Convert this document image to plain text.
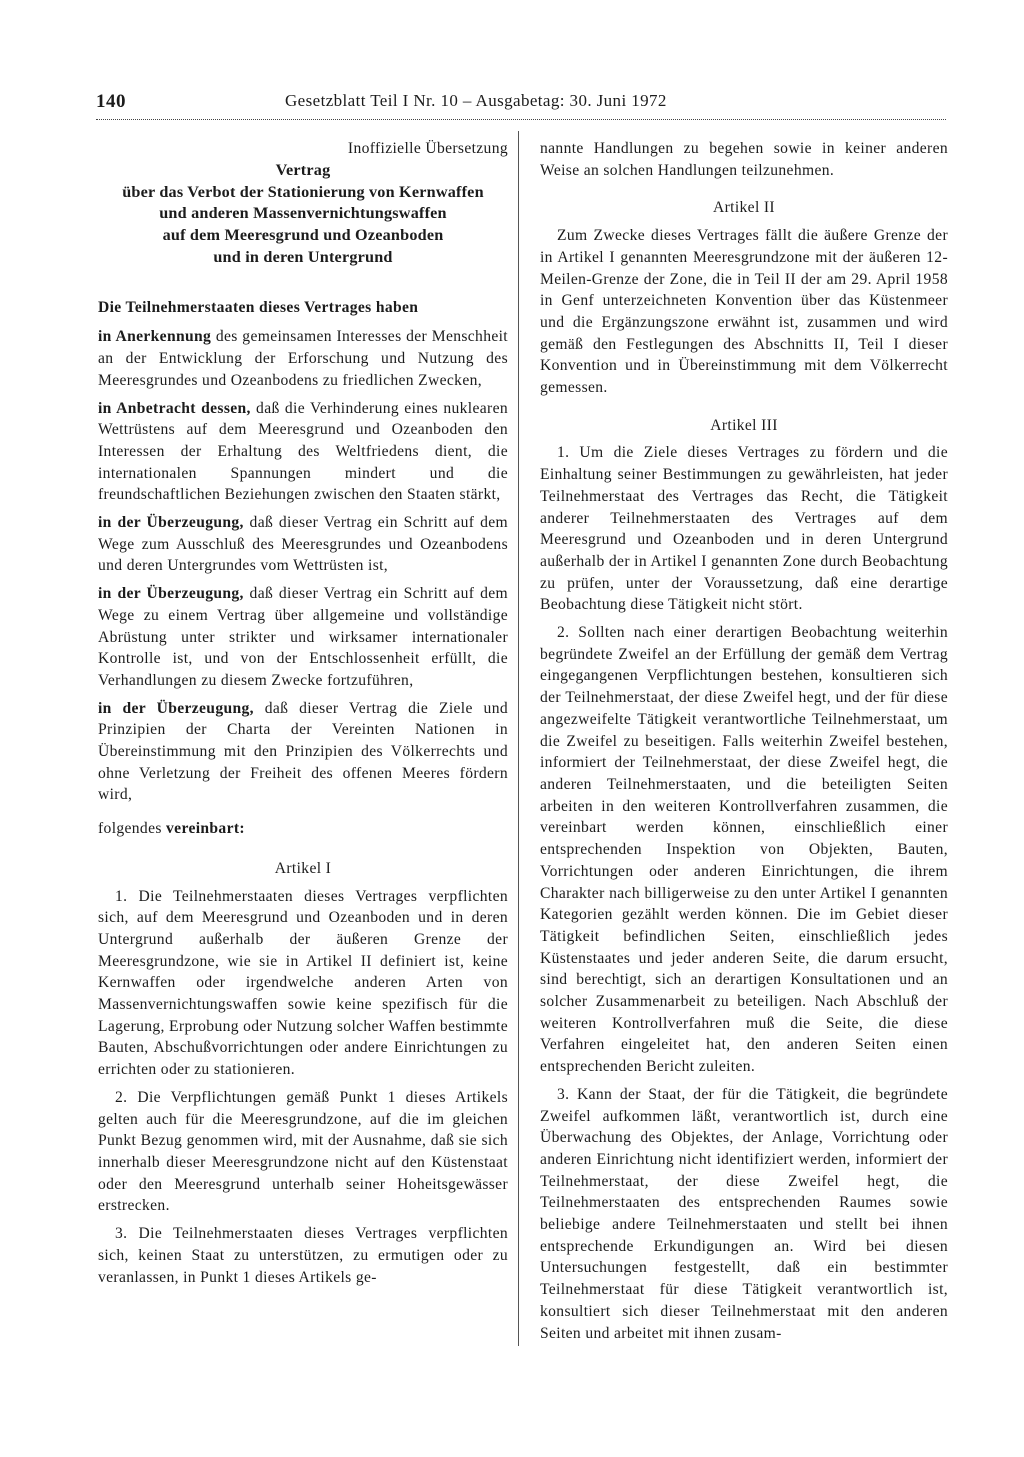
140	Gesetzblatt Teil I Nr. 10 – Ausgabetag: 30. Juni 1972

Inoffizielle Übersetzung

Vertrag
über das Verbot der Stationierung von Kernwaffen
und anderen Massenvernichtungswaffen
auf dem Meeresgrund und Ozeanboden
und in deren Untergrund

Die Teilnehmerstaaten dieses Vertrages haben

in Anerkennung des gemeinsamen Interesses der Menschheit an der Entwicklung der Erforschung und Nutzung des Meeresgrundes und Ozeanbodens zu friedlichen Zwecken,

in Anbetracht dessen, daß die Verhinderung eines nuklearen Wettrüstens auf dem Meeresgrund und Ozeanboden den Interessen der Erhaltung des Weltfriedens dient, die internationalen Spannungen mindert und die freundschaftlichen Beziehungen zwischen den Staaten stärkt,

in der Überzeugung, daß dieser Vertrag ein Schritt auf dem Wege zum Ausschluß des Meeresgrundes und Ozeanbodens und deren Untergrundes vom Wettrüsten ist,

in der Überzeugung, daß dieser Vertrag ein Schritt auf dem Wege zu einem Vertrag über allgemeine und vollständige Abrüstung unter strikter und wirksamer internationaler Kontrolle ist, und von der Entschlossenheit erfüllt, die Verhandlungen zu diesem Zwecke fortzuführen,

in der Überzeugung, daß dieser Vertrag die Ziele und Prinzipien der Charta der Vereinten Nationen in Übereinstimmung mit den Prinzipien des Völkerrechts und ohne Verletzung der Freiheit des offenen Meeres fördern wird,

folgendes vereinbart:

Artikel I

1. Die Teilnehmerstaaten dieses Vertrages verpflichten sich, auf dem Meeresgrund und Ozeanboden und in deren Untergrund außerhalb der äußeren Grenze der Meeresgrundzone, wie sie in Artikel II definiert ist, keine Kernwaffen oder irgendwelche anderen Arten von Massenvernichtungswaffen sowie keine spezifisch für die Lagerung, Erprobung oder Nutzung solcher Waffen bestimmte Bauten, Abschußvorrichtungen oder andere Einrichtungen zu errichten oder zu stationieren.

2. Die Verpflichtungen gemäß Punkt 1 dieses Artikels gelten auch für die Meeresgrundzone, auf die im gleichen Punkt Bezug genommen wird, mit der Ausnahme, daß sie sich innerhalb dieser Meeresgrundzone nicht auf den Küstenstaat oder den Meeresgrund unterhalb seiner Hoheitsgewässer erstrecken.

3. Die Teilnehmerstaaten dieses Vertrages verpflichten sich, keinen Staat zu unterstützen, zu ermutigen oder zu veranlassen, in Punkt 1 dieses Artikels ge-

nannte Handlungen zu begehen sowie in keiner anderen Weise an solchen Handlungen teilzunehmen.

Artikel II

Zum Zwecke dieses Vertrages fällt die äußere Grenze der in Artikel I genannten Meeresgrundzone mit der äußeren 12-Meilen-Grenze der Zone, die in Teil II der am 29. April 1958 in Genf unterzeichneten Konvention über das Küstenmeer und die Ergänzungszone erwähnt ist, zusammen und wird gemäß den Festlegungen des Abschnitts II, Teil I dieser Konvention und in Übereinstimmung mit dem Völkerrecht gemessen.

Artikel III

1. Um die Ziele dieses Vertrages zu fördern und die Einhaltung seiner Bestimmungen zu gewährleisten, hat jeder Teilnehmerstaat des Vertrages das Recht, die Tätigkeit anderer Teilnehmerstaaten des Vertrages auf dem Meeresgrund und Ozeanboden und in deren Untergrund außerhalb der in Artikel I genannten Zone durch Beobachtung zu prüfen, unter der Voraussetzung, daß eine derartige Beobachtung diese Tätigkeit nicht stört.

2. Sollten nach einer derartigen Beobachtung weiterhin begründete Zweifel an der Erfüllung der gemäß dem Vertrag eingegangenen Verpflichtungen bestehen, konsultieren sich der Teilnehmerstaat, der diese Zweifel hegt, und der für diese angezweifelte Tätigkeit verantwortliche Teilnehmerstaat, um die Zweifel zu beseitigen. Falls weiterhin Zweifel bestehen, informiert der Teilnehmerstaat, der diese Zweifel hegt, die anderen Teilnehmerstaaten, und die beteiligten Seiten arbeiten in den weiteren Kontrollverfahren zusammen, die vereinbart werden können, einschließlich einer entsprechenden Inspektion von Objekten, Bauten, Vorrichtungen oder anderen Einrichtungen, die ihrem Charakter nach billigerweise zu den unter Artikel I genannten Kategorien gezählt werden können. Die im Gebiet dieser Tätigkeit befindlichen Seiten, einschließlich jedes Küstenstaates und jeder anderen Seite, die darum ersucht, sind berechtigt, sich an derartigen Konsultationen und an solcher Zusammenarbeit zu beteiligen. Nach Abschluß der weiteren Kontrollverfahren muß die Seite, die diese Verfahren eingeleitet hat, den anderen Seiten einen entsprechenden Bericht zuleiten.

3. Kann der Staat, der für die Tätigkeit, die begründete Zweifel aufkommen läßt, verantwortlich ist, durch eine Überwachung des Objektes, der Anlage, Vorrichtung oder anderen Einrichtung nicht identifiziert werden, informiert der Teilnehmerstaat, der diese Zweifel hegt, die Teilnehmerstaaten des entsprechenden Raumes sowie beliebige andere Teilnehmerstaaten und stellt bei ihnen entsprechende Erkundigungen an. Wird bei diesen Untersuchungen festgestellt, daß ein bestimmter Teilnehmerstaat für diese Tätigkeit verantwortlich ist, konsultiert sich dieser Teilnehmerstaat mit den anderen Seiten und arbeitet mit ihnen zusam-
